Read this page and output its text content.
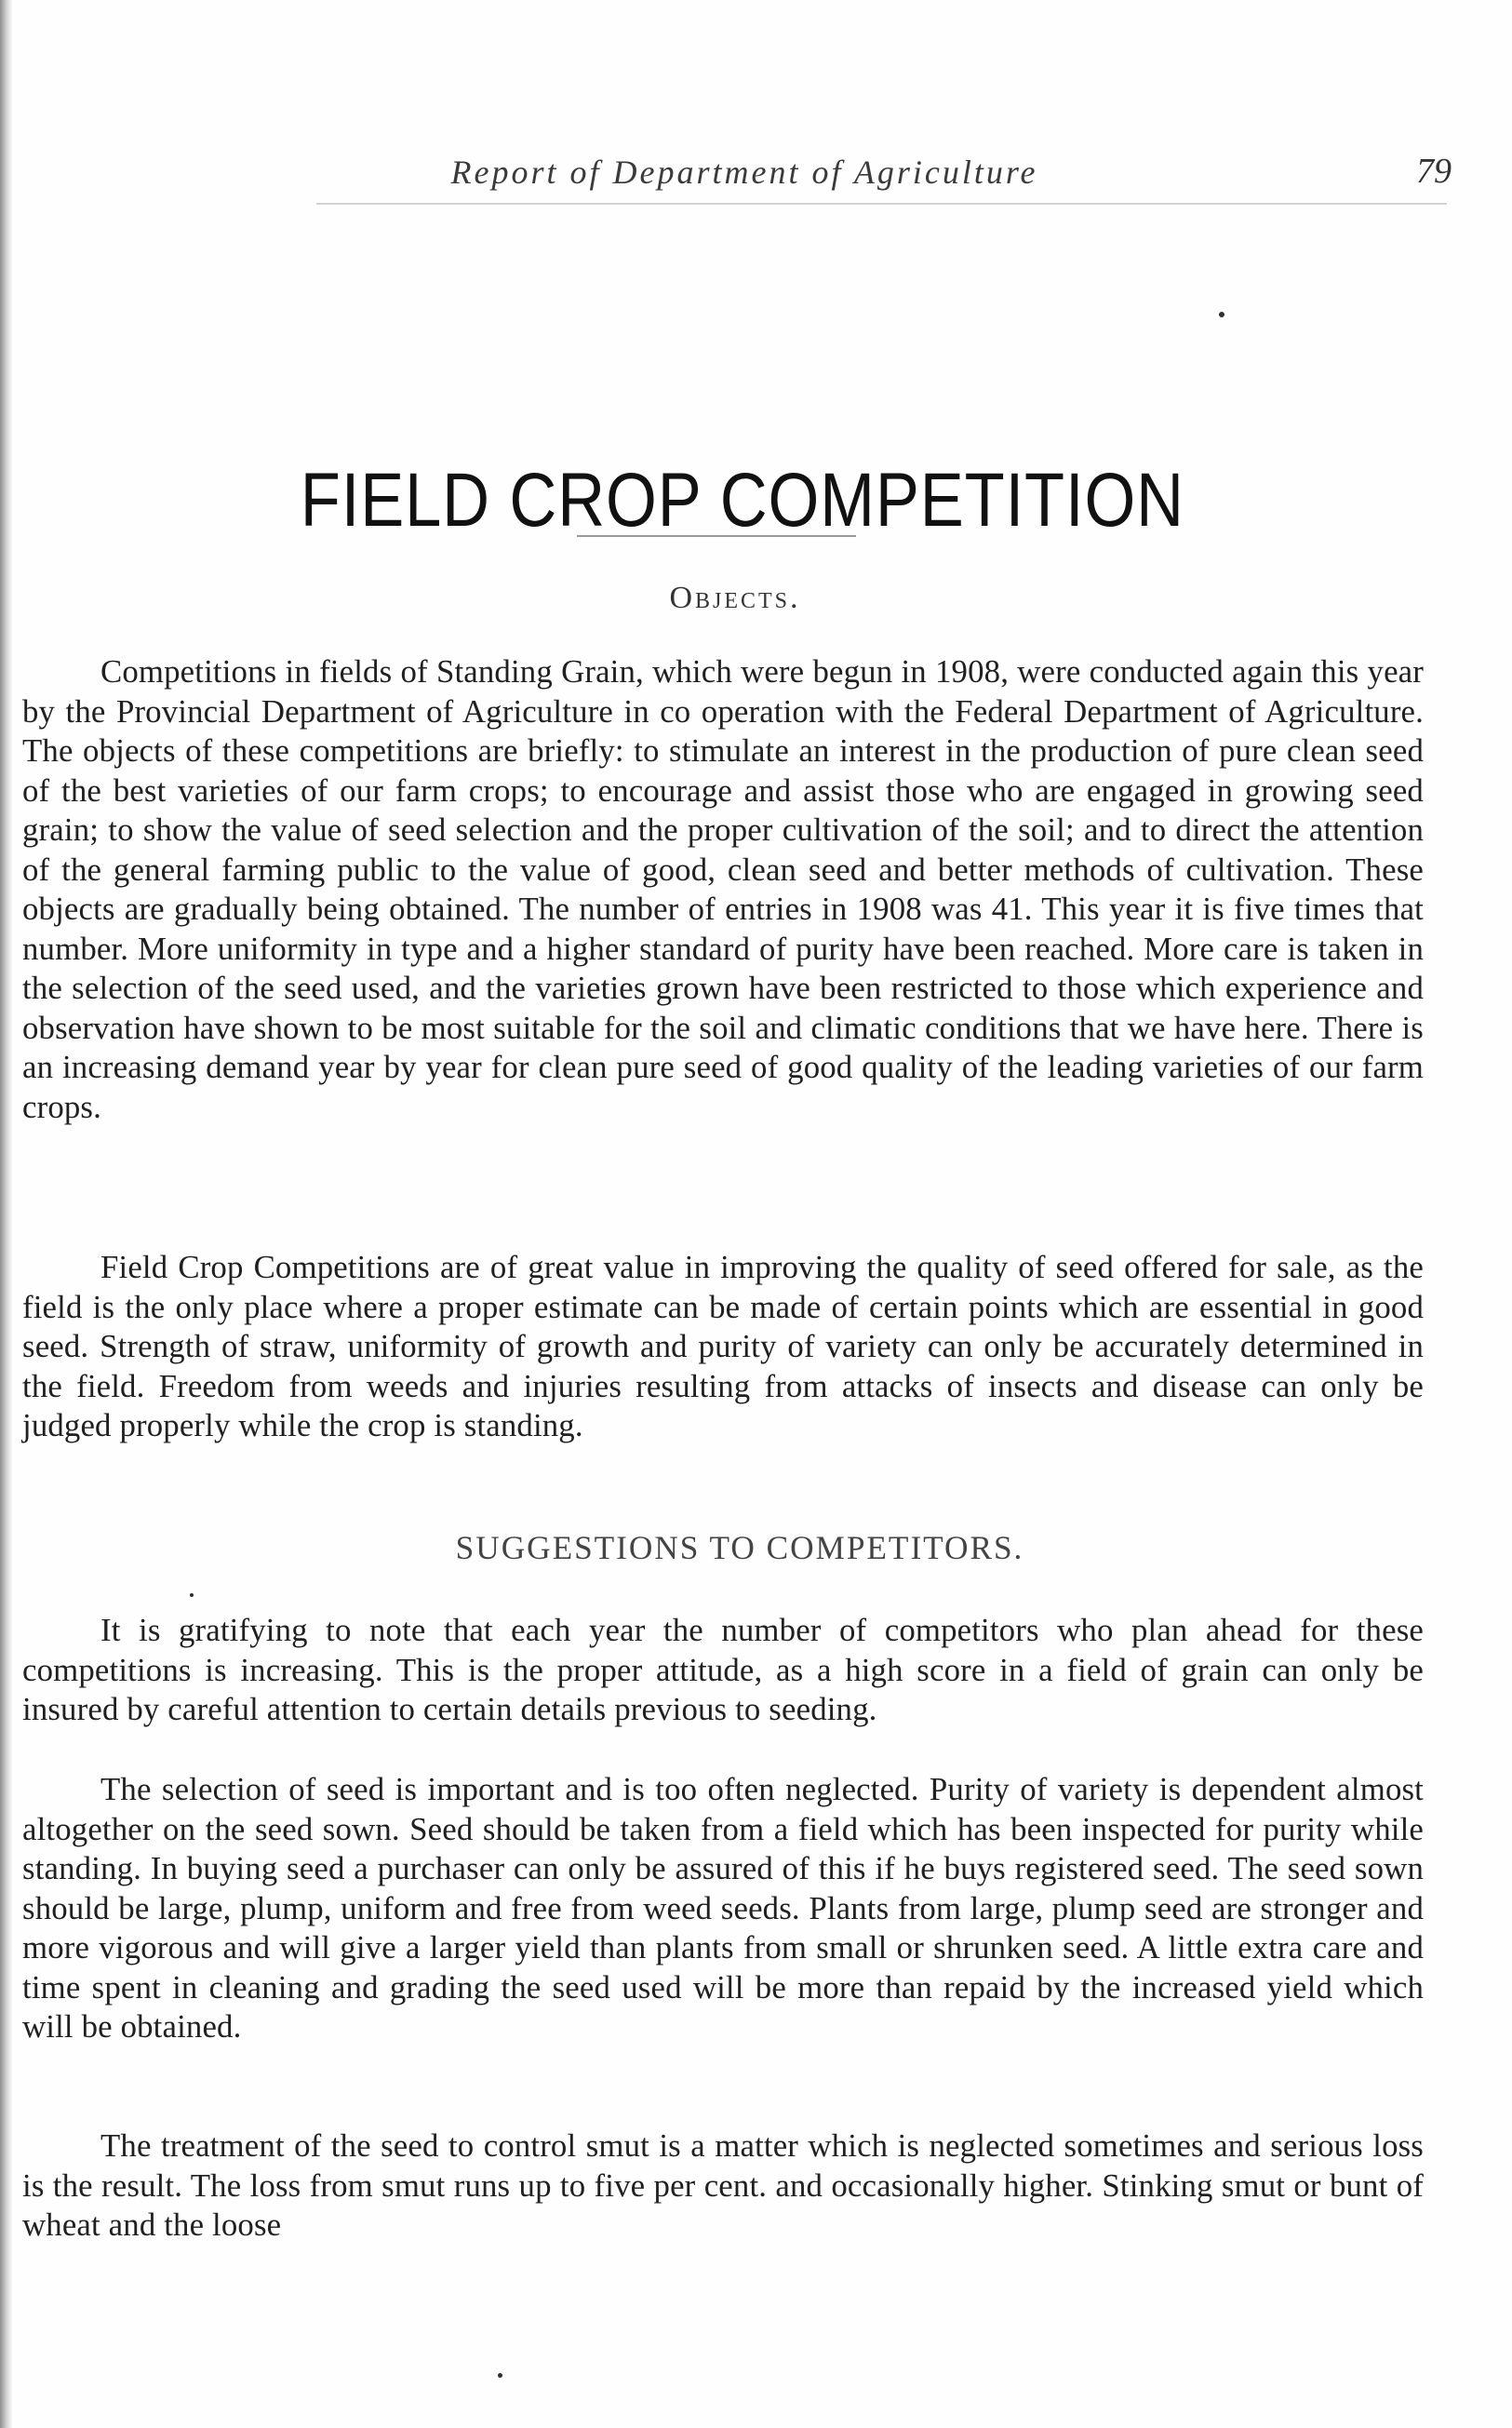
Report of Department of Agriculture	79
FIELD CROP COMPETITION
Objects.

Competitions in fields of Standing Grain, which were begun in 1908, were conducted again this year by the Provincial Department of Agriculture in co operation with the Federal Department of Agriculture. The objects of these competitions are briefly: to stimulate an interest in the production of pure clean seed of the best varieties of our farm crops; to encourage and assist those who are engaged in growing seed grain; to show the value of seed selection and the proper cultivation of the soil; and to direct the attention of the general farming public to the value of good, clean seed and better methods of cultivation. These objects are gradually being obtained. The number of entries in 1908 was 41. This year it is five times that number. More uniformity in type and a higher standard of purity have been reached. More care is taken in the selection of the seed used, and the varieties grown have been restricted to those which experience and observation have shown to be most suitable for the soil and climatic conditions that we have here. There is an increasing demand year by year for clean pure seed of good quality of the leading varieties of our farm crops.

Field Crop Competitions are of great value in improving the quality of seed offered for sale, as the field is the only place where a proper estimate can be made of certain points which are essential in good seed. Strength of straw, uniformity of growth and purity of variety can only be accurately determined in the field. Freedom from weeds and injuries resulting from attacks of insects and disease can only be judged properly while the crop is standing.

SUGGESTIONS TO COMPETITORS.

It is gratifying to note that each year the number of competitors who plan ahead for these competitions is increasing. This is the proper attitude, as a high score in a field of grain can only be insured by careful attention to certain details previous to seeding.

The selection of seed is important and is too often neglected. Purity of variety is dependent almost altogether on the seed sown. Seed should be taken from a field which has been inspected for purity while standing. In buying seed a purchaser can only be assured of this if he buys registered seed. The seed sown should be large, plump, uniform and free from weed seeds. Plants from large, plump seed are stronger and more vigorous and will give a larger yield than plants from small or shrunken seed. A little extra care and time spent in cleaning and grading the seed used will be more than repaid by the increased yield which will be obtained.

The treatment of the seed to control smut is a matter which is neglected sometimes and serious loss is the result. The loss from smut runs up to five per cent. and occasionally higher. Stinking smut or bunt of wheat and the loose
